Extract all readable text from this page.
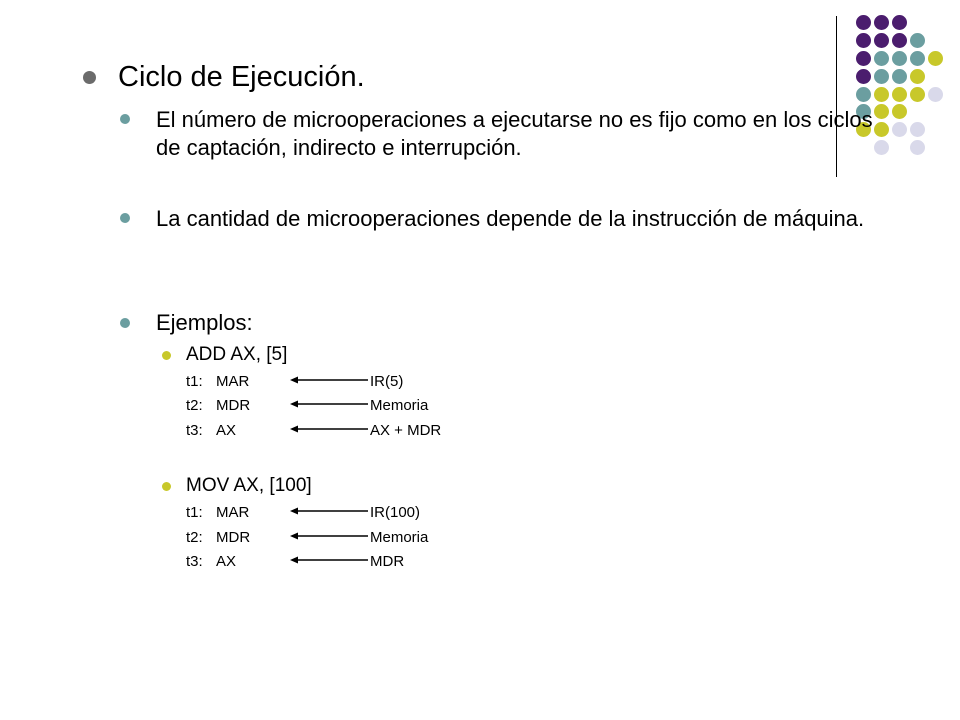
Ciclo de Ejecución.
El número de microoperaciones a ejecutarse no es fijo como en los ciclos de captación, indirecto e interrupción.
La cantidad de microoperaciones depende de la instrucción de máquina.
Ejemplos:
ADD AX, [5]
t1: MAR	IR(5)
t2: MDR	Memoria
t3: AX	AX + MDR
MOV AX, [100]
t1: MAR	IR(100)
t2: MDR	Memoria
t3: AX	MDR
